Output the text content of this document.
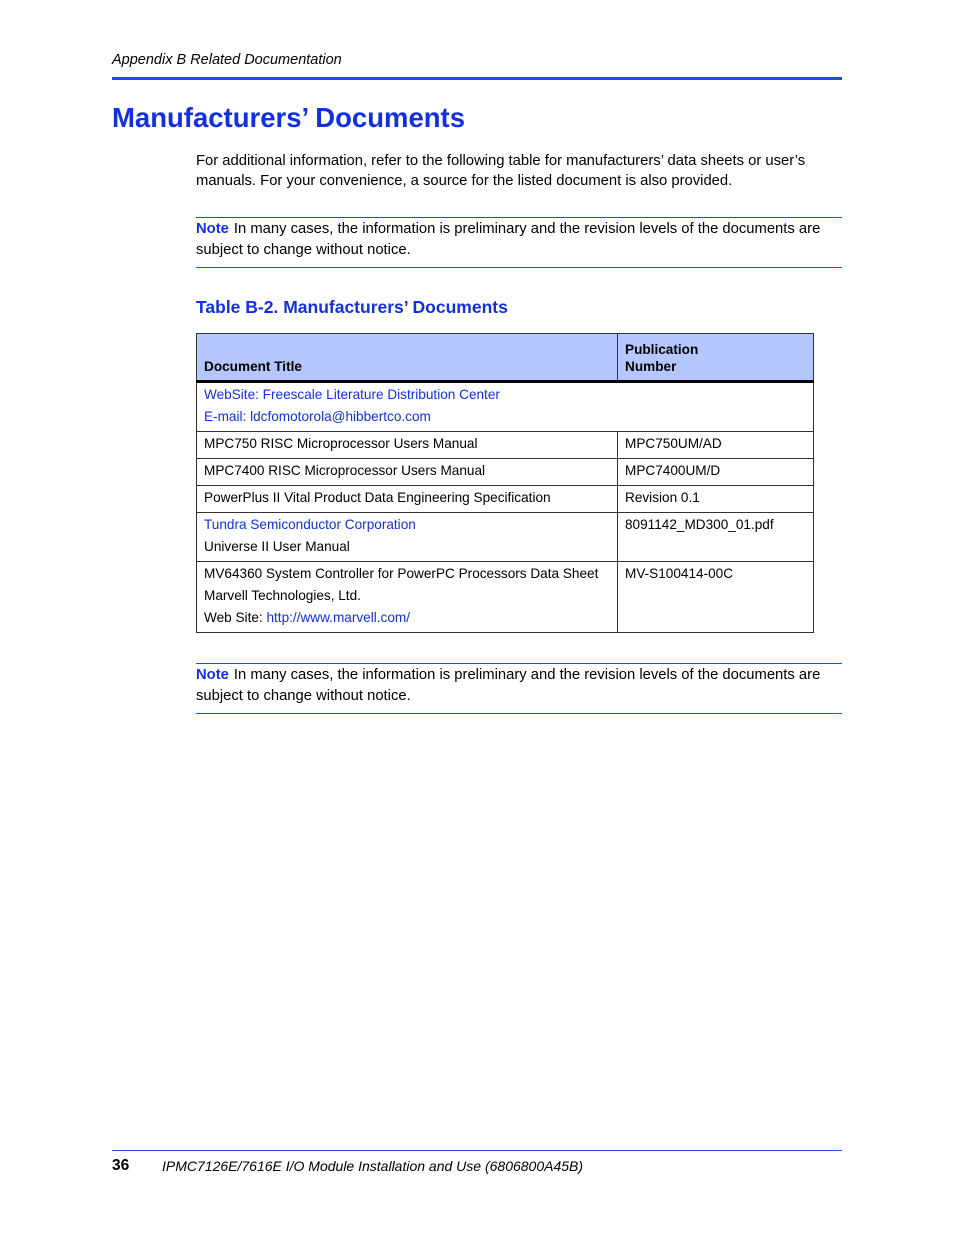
Appendix B Related Documentation
Manufacturers’ Documents

For additional information, refer to the following table for manufacturers’ data sheets or user’s manuals. For your convenience, a source for the listed document is also provided.

Note In many cases, the information is preliminary and the revision levels of the documents are subject to change without notice.
Table B-2. Manufacturers’ Documents
Document Title	Publication
Number

WebSite: Freescale Literature Distribution Center
E-mail: ldcfomotorola@hibbertco.com	

MPC750 RISC Microprocessor Users Manual	MPC750UM/AD
MPC7400 RISC Microprocessor Users Manual	MPC7400UM/D
PowerPlus II Vital Product Data Engineering Specification	Revision 0.1

Tundra Semiconductor Corporation
Universe II User Manual	8091142_MD300_01.pdf

MV64360 System Controller for PowerPC Processors Data Sheet
Marvell Technologies, Ltd.
Web Site: http://www.marvell.com/	MV-S100414-00C
Note In many cases, the information is preliminary and the revision levels of the documents are subject to change without notice.
36 IPMC7126E/7616E I/O Module Installation and Use (6806800A45B)
